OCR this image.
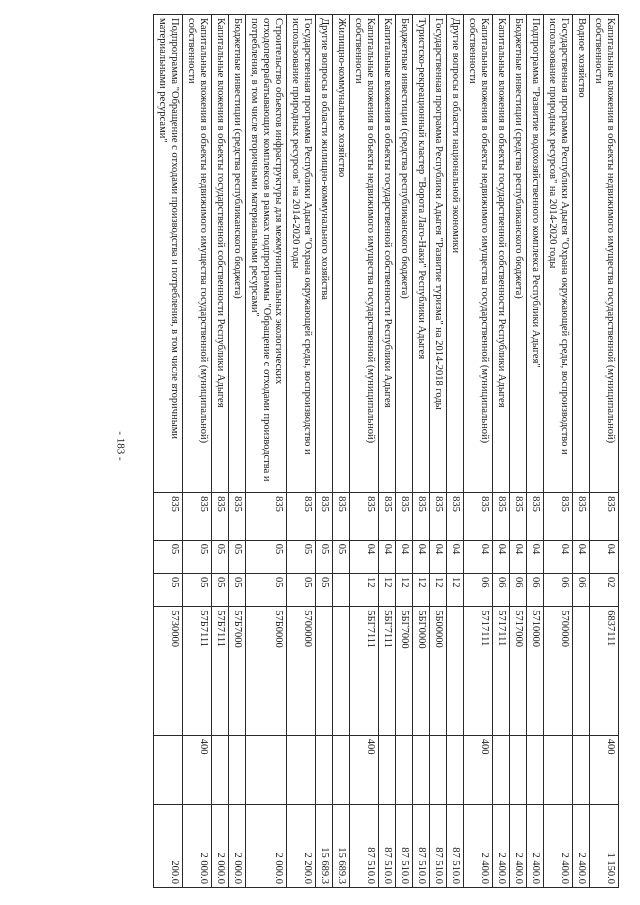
- 183 -
Капитальные вложения в объекты недвижимого имущества государственной (муниципальной) собственности	835	04	02	6837111	400	1 150.0
Водное хозяйство	835	04	06			2 400.0
Государственная программа Республики Адыгея "Охрана окружающей среды, воспроизводство и использование природных ресурсов" на 2014-2020 годы	835	04	06	5700000		2 400.0
Подпрограмма "Развитие водохозяйственного комплекса Республики Адыгея"	835	04	06	5710000		2 400.0
Бюджетные инвестиции (средства республиканского бюджета)	835	04	06	5717000		2 400.0
Капитальные вложения в объекты государственной собственности Республики Адыгея	835	04	06	5717111		2 400.0
Капитальные вложения в объекты недвижимого имущества государственной (муниципальной) собственности	835	04	06	5717111	400	2 400.0
Другие вопросы в области национальной экономики	835	04	12			87 510.0
Государственная программа Республики Адыгея "Развитие туризма" на 2014-2018 годы	835	04	12	5Б00000		87 510.0
Туристско-рекреационный кластер "Ворота Лаго-Наки" Республики Адыгея	835	04	12	5БГ0000		87 510.0
Бюджетные инвестиции (средства республиканского бюджета)	835	04	12	5БГ7000		87 510.0
Капитальные вложения в объекты государственной собственности Республики Адыгея	835	04	12	5БГ7111		87 510.0
Капитальные вложения в объекты недвижимого имущества государственной (муниципальной) собственности	835	04	12	5БГ7111	400	87 510.0
Жилищно-коммунальное хозяйство	835	05				15 689.3
Другие вопросы в области жилищно-коммунального хозяйства	835	05	05			15 689.3
Государственная программа Республики Адыгея "Охрана окружающей среды, воспроизводство и использование природных ресурсов" на 2014-2020 годы	835	05	05	5700000		2 200.0
Строительство объектов инфраструктуры для межмуниципальных экологических отходоперерабатывающих комплексов в рамках подпрограммы "Обращение с отходами производства и потребления, в том числе вторичными материальными ресурсами"	835	05	05	57Б0000		2 000.0
Бюджетные инвестиции (средства республиканского бюджета)	835	05	05	57Б7000		2 000.0
Капитальные вложения в объекты государственной собственности Республики Адыгея	835	05	05	57Б7111		2 000.0
Капитальные вложения в объекты недвижимого имущества государственной (муниципальной) собственности	835	05	05	57Б7111	400	2 000.0
Подпрограмма "Обращение с отходами производства и потребления, в том числе вторичными материальными ресурсами"	835	05	05	5730000		200.0
